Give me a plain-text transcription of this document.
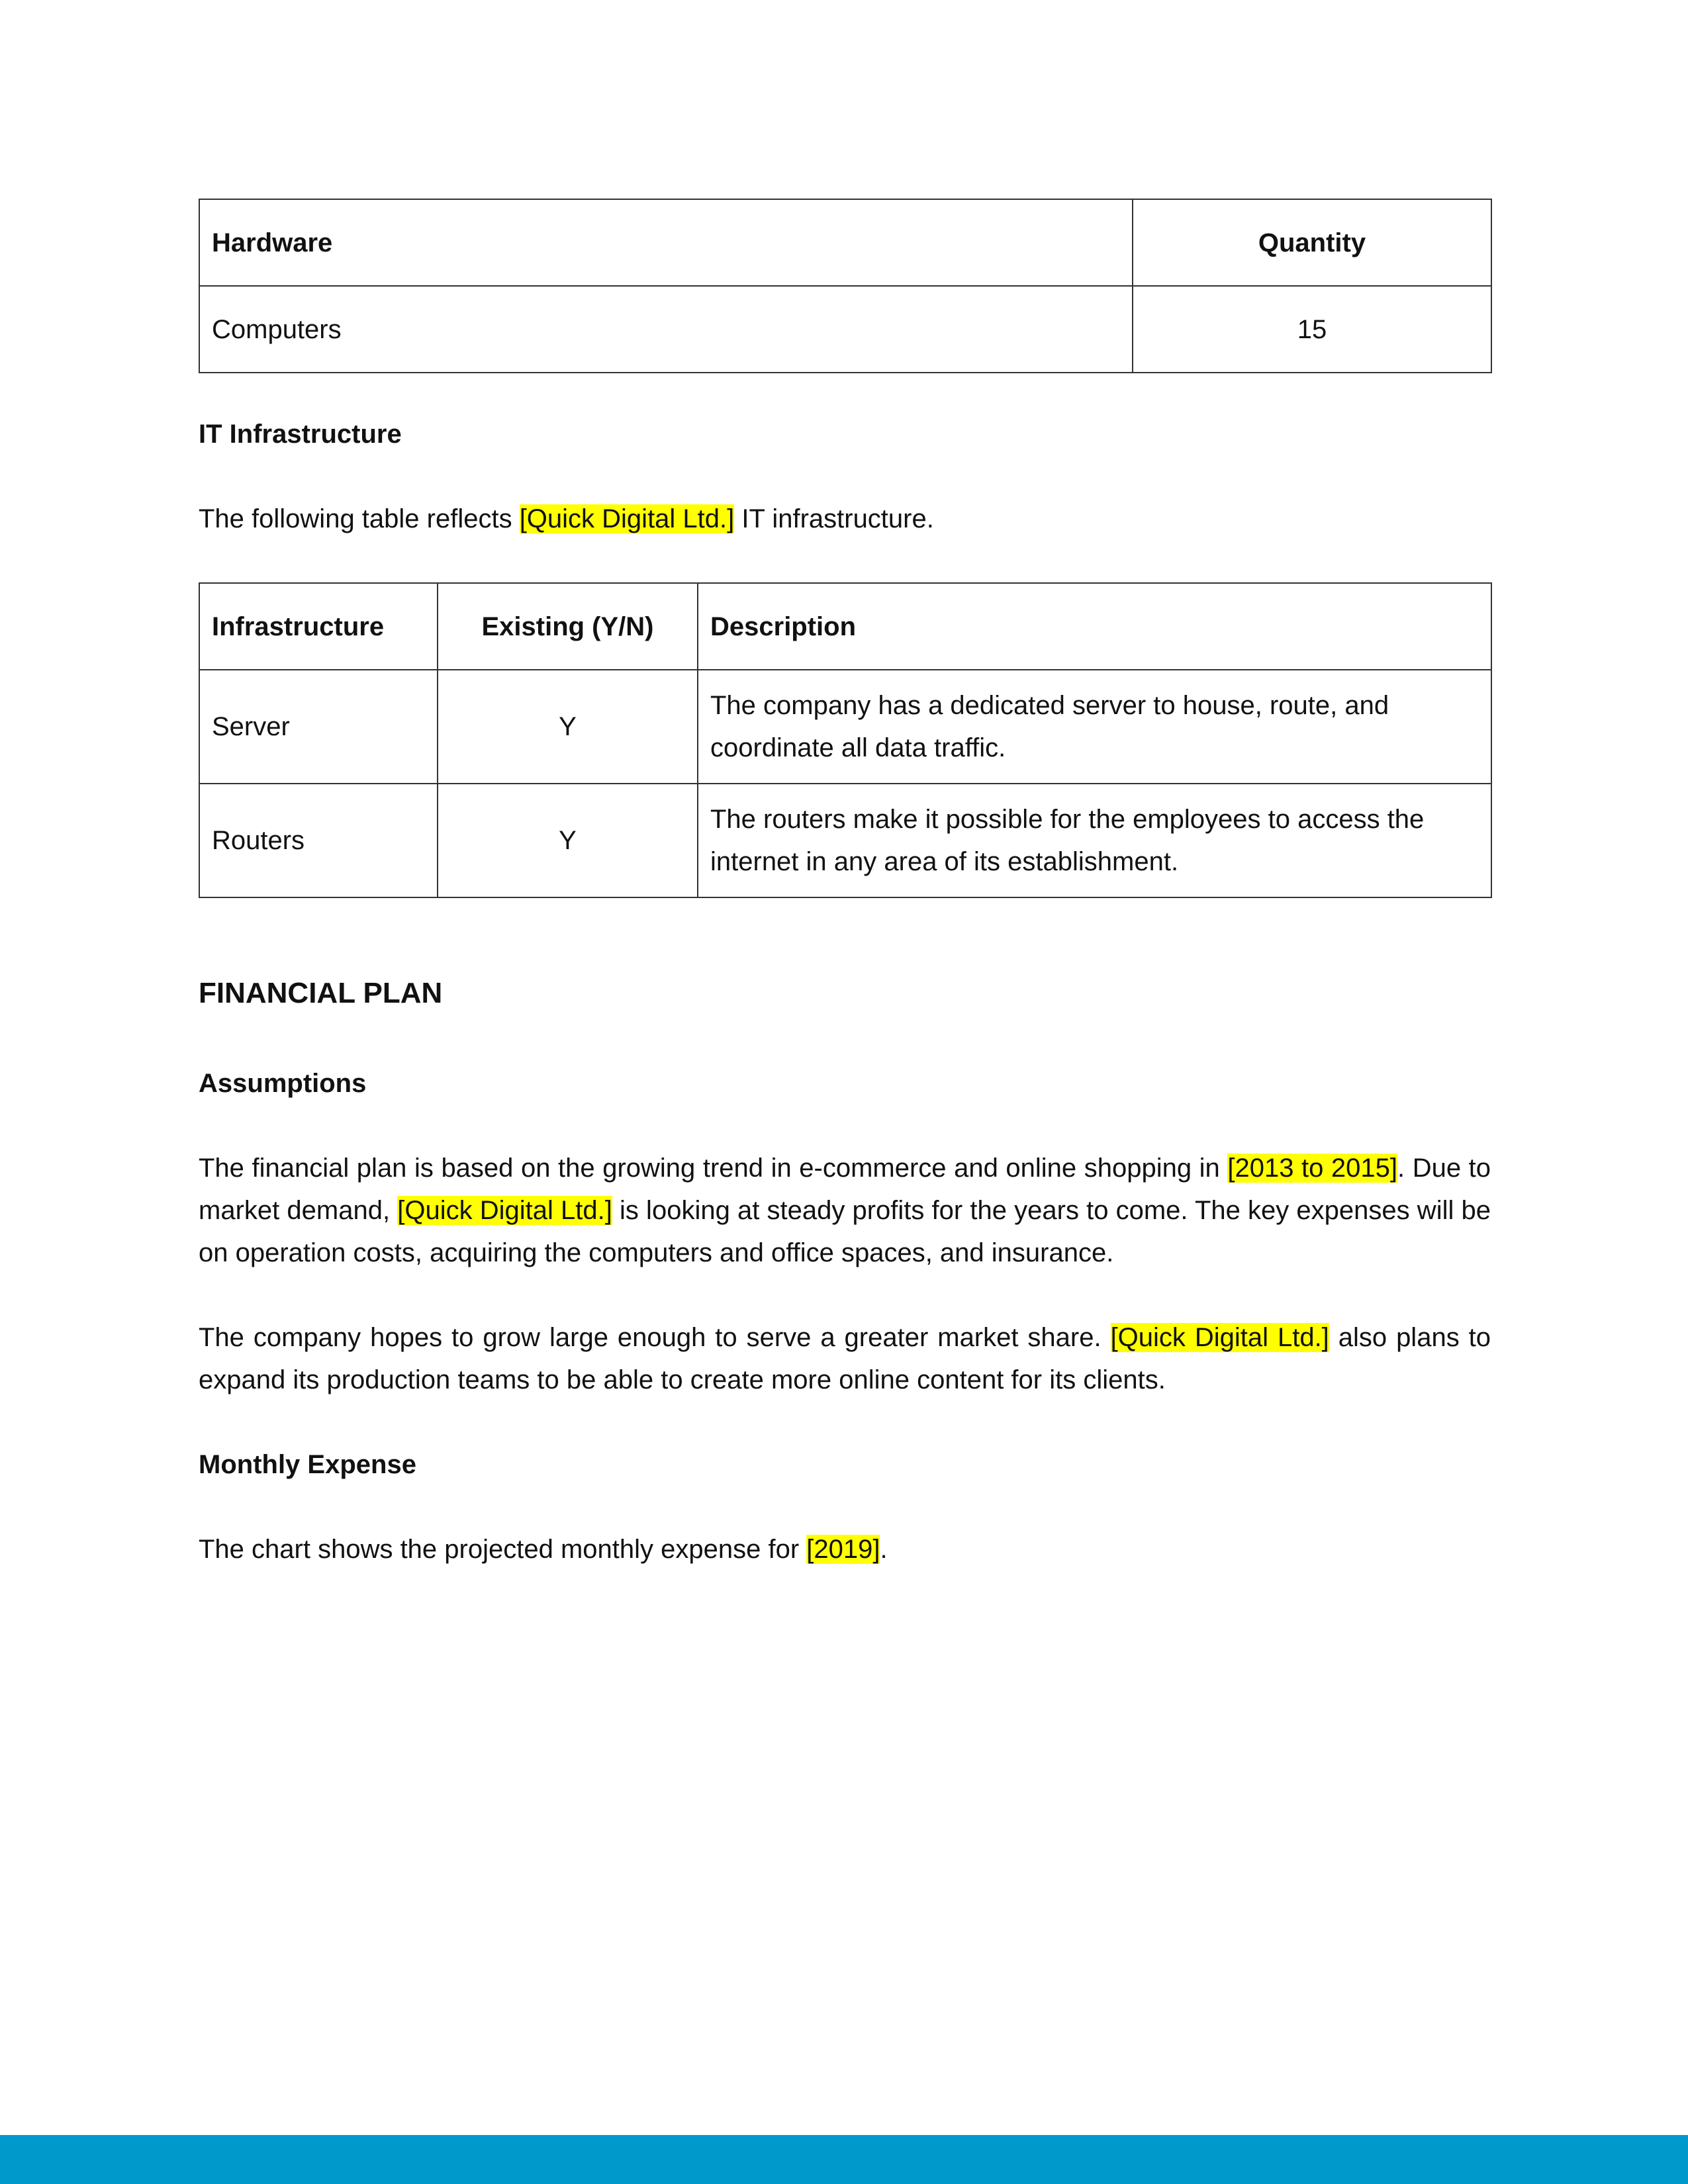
Hardware	Quantity
Computers	15
IT Infrastructure

The following table reflects [Quick Digital Ltd.] IT infrastructure.

Infrastructure	Existing (Y/N)	Description
Server	Y	The company has a dedicated server to house, route, and coordinate all data traffic.
Routers	Y	The routers make it possible for the employees to access the internet in any area of its establishment.
FINANCIAL PLAN
Assumptions

The financial plan is based on the growing trend in e-commerce and online shopping in [2013 to 2015]. Due to market demand, [Quick Digital Ltd.] is looking at steady profits for the years to come. The key expenses will be on operation costs, acquiring the computers and office spaces, and insurance.

The company hopes to grow large enough to serve a greater market share. [Quick Digital Ltd.] also plans to expand its production teams to be able to create more online content for its clients.

Monthly Expense

The chart shows the projected monthly expense for [2019].
